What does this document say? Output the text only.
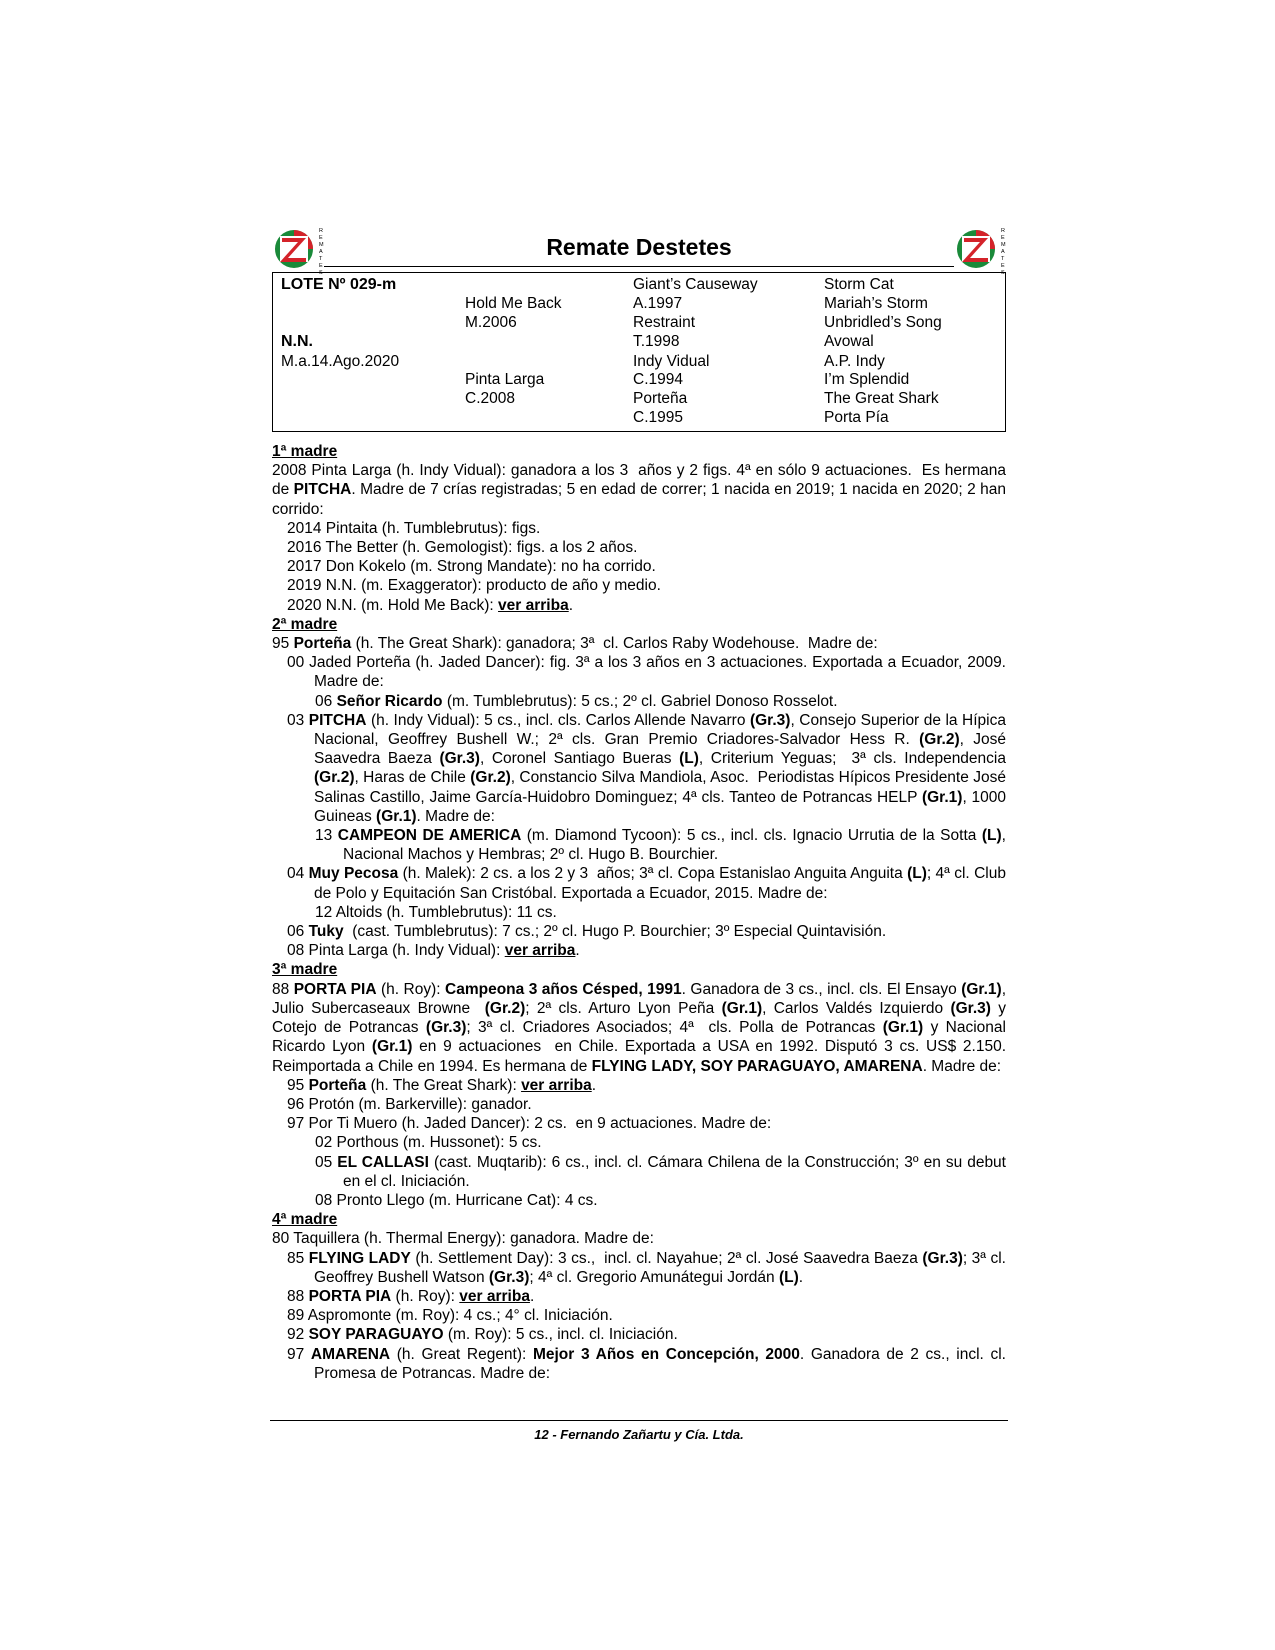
R
E
M
A
T
E
S
Remate Destetes
R
E
M
A
T
E
S
LOTE Nº 029-m
N.N.
M.a.14.Ago.2020
Hold Me Back
M.2006
Pinta Larga
C.2008
Giant’s Causeway
A.1997
Restraint
T.1998
Indy Vidual
C.1994
Porteña
C.1995
Storm Cat
Mariah’s Storm
Unbridled’s Song
Avowal
A.P. Indy
I’m Splendid
The Great Shark
Porta Pía
1ª madre
2008 Pinta Larga (h. Indy Vidual): ganadora a los 3  años y 2 figs. 4ª en sólo 9 actuaciones.  Es hermana de PITCHA. Madre de 7 crías registradas; 5 en edad de correr; 1 nacida en 2019; 1 nacida en 2020; 2 han corrido:
2014 Pintaita (h. Tumblebrutus): figs.
2016 The Better (h. Gemologist): figs. a los 2 años.
2017 Don Kokelo (m. Strong Mandate): no ha corrido.
2019 N.N. (m. Exaggerator): producto de año y medio.
2020 N.N. (m. Hold Me Back): ver arriba.
2ª madre
95 Porteña (h. The Great Shark): ganadora; 3ª  cl. Carlos Raby Wodehouse.  Madre de:
00 Jaded Porteña (h. Jaded Dancer): fig. 3ª a los 3 años en 3 actuaciones. Exportada a Ecuador, 2009. Madre de:
06 Señor Ricardo (m. Tumblebrutus): 5 cs.; 2º cl. Gabriel Donoso Rosselot.
03 PITCHA (h. Indy Vidual): 5 cs., incl. cls. Carlos Allende Navarro (Gr.3), Consejo Superior de la Hípica Nacional, Geoffrey Bushell W.; 2ª cls. Gran Premio Criadores-Salvador Hess R. (Gr.2), José Saavedra Baeza (Gr.3), Coronel Santiago Bueras (L), Criterium Yeguas;  3ª cls. Independencia (Gr.2), Haras de Chile (Gr.2), Constancio Silva Mandiola, Asoc.  Periodistas Hípicos Presidente José Salinas Castillo, Jaime García-Huidobro Dominguez; 4ª cls. Tanteo de Potrancas HELP (Gr.1), 1000 Guineas (Gr.1). Madre de:
13 CAMPEON DE AMERICA (m. Diamond Tycoon): 5 cs., incl. cls. Ignacio Urrutia de la Sotta (L), Nacional Machos y Hembras; 2º cl. Hugo B. Bourchier.
04 Muy Pecosa (h. Malek): 2 cs. a los 2 y 3  años; 3ª cl. Copa Estanislao Anguita Anguita (L); 4ª cl. Club de Polo y Equitación San Cristóbal. Exportada a Ecuador, 2015. Madre de:
12 Altoids (h. Tumblebrutus): 11 cs.
06 Tuky  (cast. Tumblebrutus): 7 cs.; 2º cl. Hugo P. Bourchier; 3º Especial Quintavisión.
08 Pinta Larga (h. Indy Vidual): ver arriba.
3ª madre
88 PORTA PIA (h. Roy): Campeona 3 años Césped, 1991. Ganadora de 3 cs., incl. cls. El Ensayo (Gr.1), Julio Subercaseaux Browne  (Gr.2); 2ª cls. Arturo Lyon Peña (Gr.1), Carlos Valdés Izquierdo (Gr.3) y Cotejo de Potrancas (Gr.3); 3ª cl. Criadores Asociados; 4ª  cls. Polla de Potrancas (Gr.1) y Nacional Ricardo Lyon (Gr.1) en 9 actuaciones  en Chile. Exportada a USA en 1992. Disputó 3 cs. US$ 2.150. Reimportada a Chile en 1994. Es hermana de FLYING LADY, SOY PARAGUAYO, AMARENA. Madre de:
95 Porteña (h. The Great Shark): ver arriba.
96 Protón (m. Barkerville): ganador.
97 Por Ti Muero (h. Jaded Dancer): 2 cs.  en 9 actuaciones. Madre de:
02 Porthous (m. Hussonet): 5 cs.
05 EL CALLASI (cast. Muqtarib): 6 cs., incl. cl. Cámara Chilena de la Construcción; 3º en su debut en el cl. Iniciación.
08 Pronto Llego (m. Hurricane Cat): 4 cs.
4ª madre
80 Taquillera (h. Thermal Energy): ganadora. Madre de:
85 FLYING LADY (h. Settlement Day): 3 cs.,  incl. cl. Nayahue; 2ª cl. José Saavedra Baeza (Gr.3); 3ª cl. Geoffrey Bushell Watson (Gr.3); 4ª cl. Gregorio Amunátegui Jordán (L).
88 PORTA PIA (h. Roy): ver arriba.
89 Aspromonte (m. Roy): 4 cs.; 4° cl. Iniciación.
92 SOY PARAGUAYO (m. Roy): 5 cs., incl. cl. Iniciación.
97 AMARENA (h. Great Regent): Mejor 3 Años en Concepción, 2000. Ganadora de 2 cs., incl. cl. Promesa de Potrancas. Madre de:
12 - Fernando Zañartu y Cía. Ltda.
